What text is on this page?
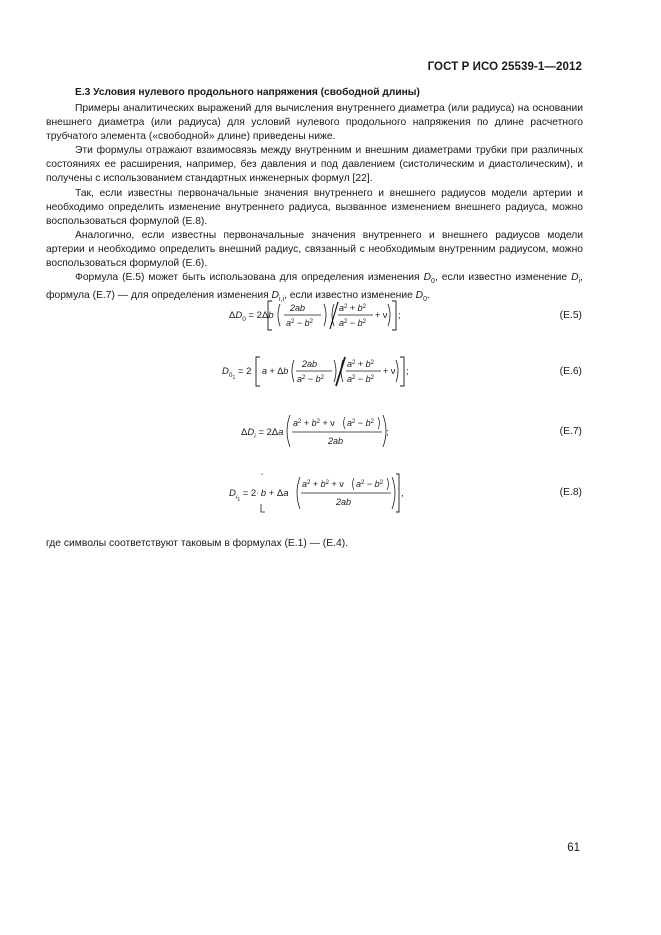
ГОСТ Р ИСО 25539-1—2012
Е.3 Условия нулевого продольного напряжения (свободной длины)

Примеры аналитических выражений для вычисления внутреннего диаметра (или радиуса) на основании внешнего диаметра (или радиуса) для условий нулевого продольного напряжения по длине расчетного трубчатого элемента («свободной» длине) приведены ниже.

Эти формулы отражают взаимосвязь между внутренним и внешним диаметрами трубки при различных состояниях ее расширения, например, без давления и под давлением (систолическим и диастолическим), и получены с использованием стандартных инженерных формул [22].

Так, если известны первоначальные значения внутреннего и внешнего радиусов модели артерии и необходимо определить изменение внутреннего радиуса, вызванное изменением внешнего радиуса, можно воспользоваться формулой (Е.8).

Аналогично, если известны первоначальные значения внутреннего и внешнего радиусов модели артерии и необходимо определить внешний радиус, связанный с необходимым внутренним радиусом, можно воспользоваться формулой (Е.6).

Формула (Е.5) может быть использована для определения изменения $D_0$, если известно изменение $D_i$, формула (Е.7) — для определения изменения $D_{i,i}$, если известно изменение $D_0$.

$\Delta D_0 = 2\Delta b$
2ab
$a^2 - b^2$
$a^2 + b^2$
$a^2 - b^2$
+ ν ;	(Е.5)
$D_{01} = 2$ a + Δb
2ab
$a^2 - b^2$
$a^2 + b^2$
$a^2 - b^2$
+ ν ;	(Е.6)
$\Delta D_i = 2\Delta a$
$a^2 + b^2 + \nu$ $a^2 - b^2$
2ab
;	(Е.7)
▫
$D_{i1} = 2\cdot b + \Delta a$
$a^2 + b^2 + \nu$ $a^2 - b^2$
2ab
,	(Е.8)
где символы соответствуют таковым в формулах (Е.1) — (Е.4).
61
